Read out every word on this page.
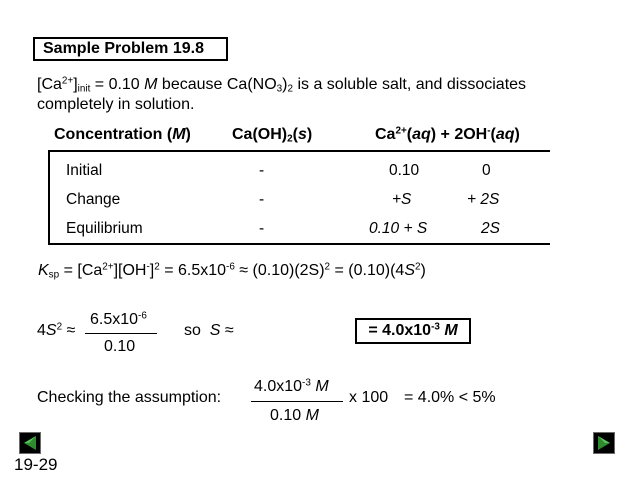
Sample Problem 19.8
$[Ca^{2+}]_{init} = 0.10$ M because $Ca(NO_3)_2$ is a soluble salt, and dissociates
completely in solution.
Concentration (M)	$Ca(OH)_2(s)$	$Ca^{2+}(aq) + 2OH^-(aq)$
Initial	-	0.10	0
Change	-	+S	+ 2S
Equilibrium	-	0.10 + S	2S
$K_{sp} = [Ca^{2+}][OH^-]^2 = 6.5x10^{-6} \approx (0.10)(2S)^2 = (0.10)(4S^2)$
$4S^2$ ≈
$6.5x10^{-6}$
0.10
so S ≈	= $4.0x10^{-3}$ M
Checking the assumption:
$4.0x10^{-3}$ M
0.10 M
x 100 = 4.0% < 5%
19-29
